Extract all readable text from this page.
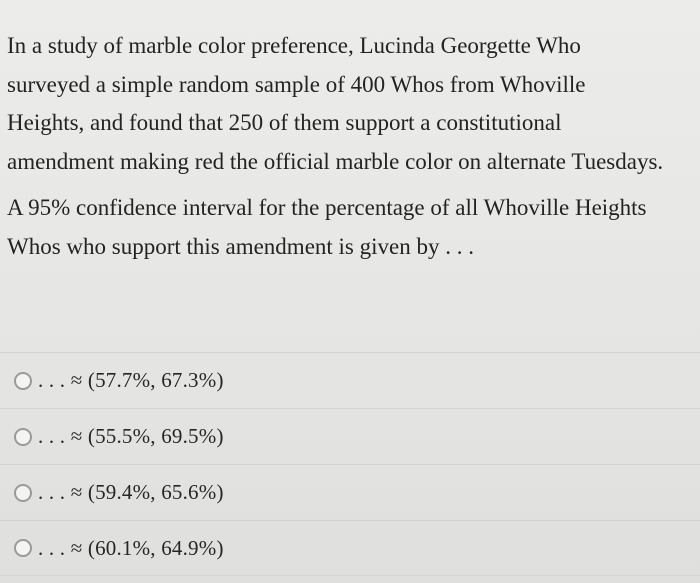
In a study of marble color preference, Lucinda Georgette Who surveyed a simple random sample of 400 Whos from Whoville Heights, and found that 250 of them support a constitutional amendment making red the official marble color on alternate Tuesdays.

A 95% confidence interval for the percentage of all Whoville Heights Whos who support this amendment is given by . . .

. . . ≈ (57.7%, 67.3%)
. . . ≈ (55.5%, 69.5%)
. . . ≈ (59.4%, 65.6%)
. . . ≈ (60.1%, 64.9%)
